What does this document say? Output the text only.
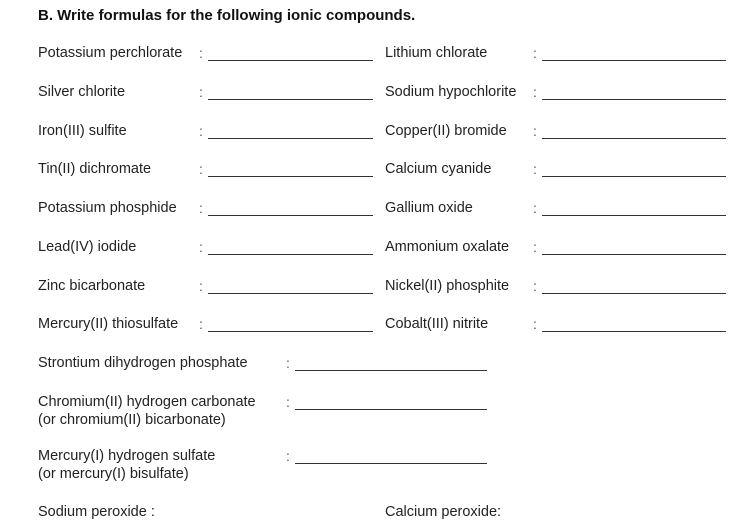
B. Write formulas for the following ionic compounds.
Potassium perchlorate :	Lithium chlorate	:
Silver chlorite	:	Sodium hypochlorite :
Iron(III) sulfite	:	Copper(II) bromide :
Tin(II) dichromate	:	Calcium cyanide	:
Potassium phosphide :	Gallium oxide	:
Lead(IV) iodide	:	Ammonium oxalate :
Zinc bicarbonate	:	Nickel(II) phosphite :
Mercury(II) thiosulfate :	Cobalt(III) nitrite	:
Strontium dihydrogen phosphate	:
Chromium(II) hydrogen carbonate
(or chromium(II) bicarbonate)
:
Mercury(I) hydrogen sulfate
(or mercury(I) bisulfate)
:
Sodium peroxide :	Calcium peroxide:
